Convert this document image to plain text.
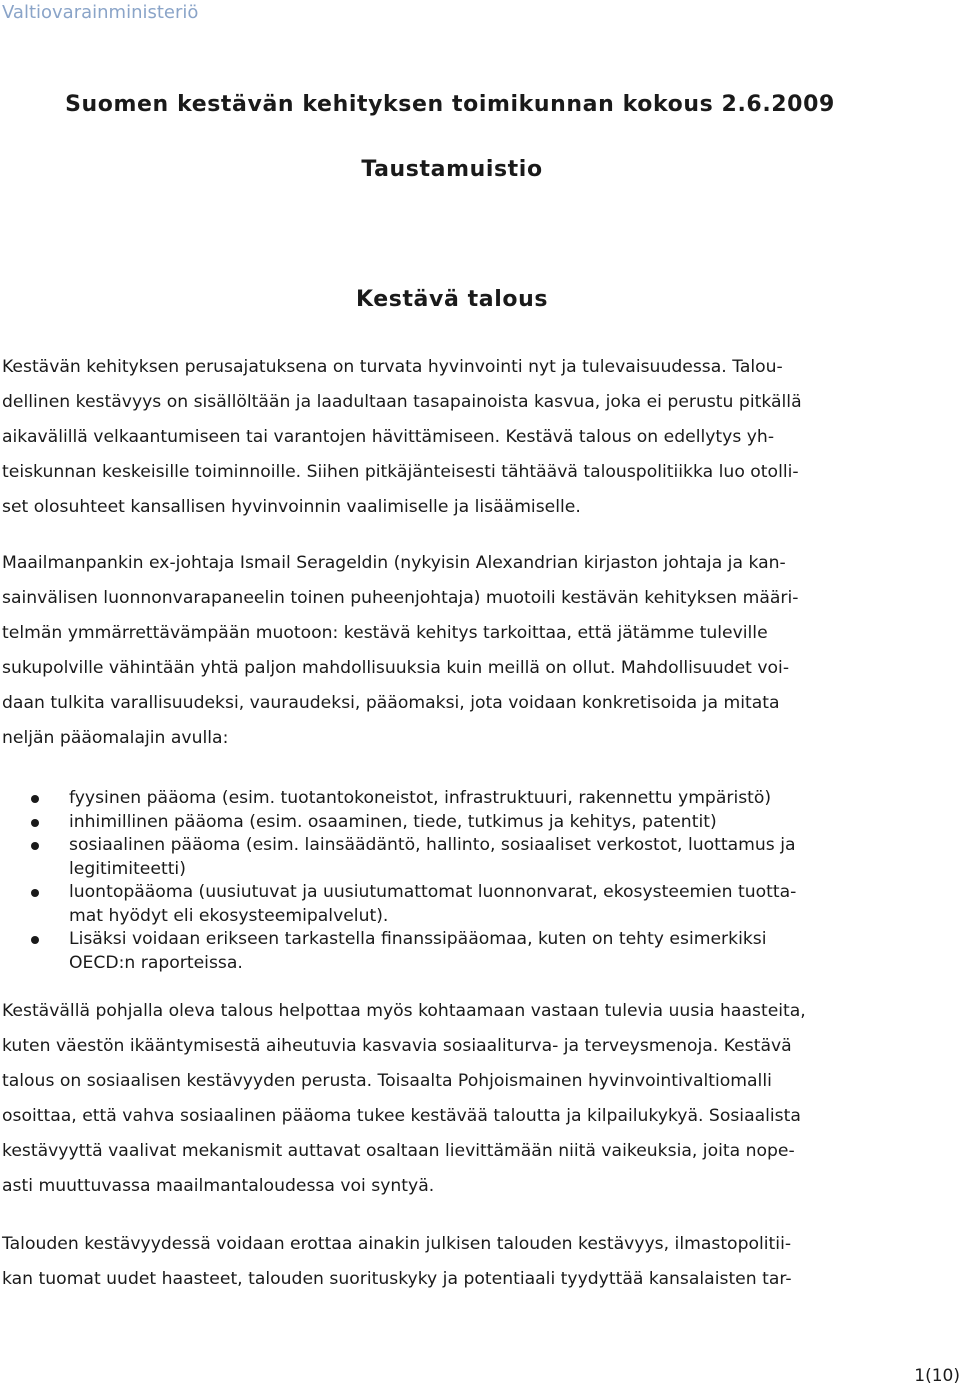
Valtiovarainministeriö
Suomen kestävän kehityksen toimikunnan kokous 2.6.2009
Taustamuistio
Kestävä talous

Kestävän kehityksen perusajatuksena on turvata hyvinvointi nyt ja tulevaisuudessa. Talou-
dellinen kestävyys on sisällöltään ja laadultaan tasapainoista kasvua, joka ei perustu pitkällä
aikavälillä velkaantumiseen tai varantojen hävittämiseen. Kestävä talous on edellytys yh-
teiskunnan keskeisille toiminnoille. Siihen pitkäjänteisesti tähtäävä talouspolitiikka luo otolli-
set olosuhteet kansallisen hyvinvoinnin vaalimiselle ja lisäämiselle.

Maailmanpankin ex-johtaja Ismail Serageldin (nykyisin Alexandrian kirjaston johtaja ja kan-
sainvälisen luonnonvarapaneelin toinen puheenjohtaja) muotoili kestävän kehityksen määri-
telmän ymmärrettävämpään muotoon: kestävä kehitys tarkoittaa, että jätämme tuleville
sukupolville vähintään yhtä paljon mahdollisuuksia kuin meillä on ollut. Mahdollisuudet voi-
daan tulkita varallisuudeksi, vauraudeksi, pääomaksi, jota voidaan konkretisoida ja mitata
neljän pääomalajin avulla:

fyysinen pääoma (esim. tuotantokoneistot, infrastruktuuri, rakennettu ympäristö)
inhimillinen pääoma (esim. osaaminen, tiede, tutkimus ja kehitys, patentit)
sosiaalinen pääoma (esim. lainsäädäntö, hallinto, sosiaaliset verkostot, luottamus ja
legitimiteetti)
luontopääoma (uusiutuvat ja uusiutumattomat luonnonvarat, ekosysteemien tuotta-
mat hyödyt eli ekosysteemipalvelut).
Lisäksi voidaan erikseen tarkastella finanssipääomaa, kuten on tehty esimerkiksi
OECD:n raporteissa.

Kestävällä pohjalla oleva talous helpottaa myös kohtaamaan vastaan tulevia uusia haasteita,
kuten väestön ikääntymisestä aiheutuvia kasvavia sosiaaliturva- ja terveysmenoja. Kestävä
talous on sosiaalisen kestävyyden perusta. Toisaalta Pohjoismainen hyvinvointivaltiomalli
osoittaa, että vahva sosiaalinen pääoma tukee kestävää taloutta ja kilpailukykyä. Sosiaalista
kestävyyttä vaalivat mekanismit auttavat osaltaan lievittämään niitä vaikeuksia, joita nope-
asti muuttuvassa maailmantaloudessa voi syntyä.

Talouden kestävyydessä voidaan erottaa ainakin julkisen talouden kestävyys, ilmastopolitii-
kan tuomat uudet haasteet, talouden suorituskyky ja potentiaali tyydyttää kansalaisten tar-

1(10)
